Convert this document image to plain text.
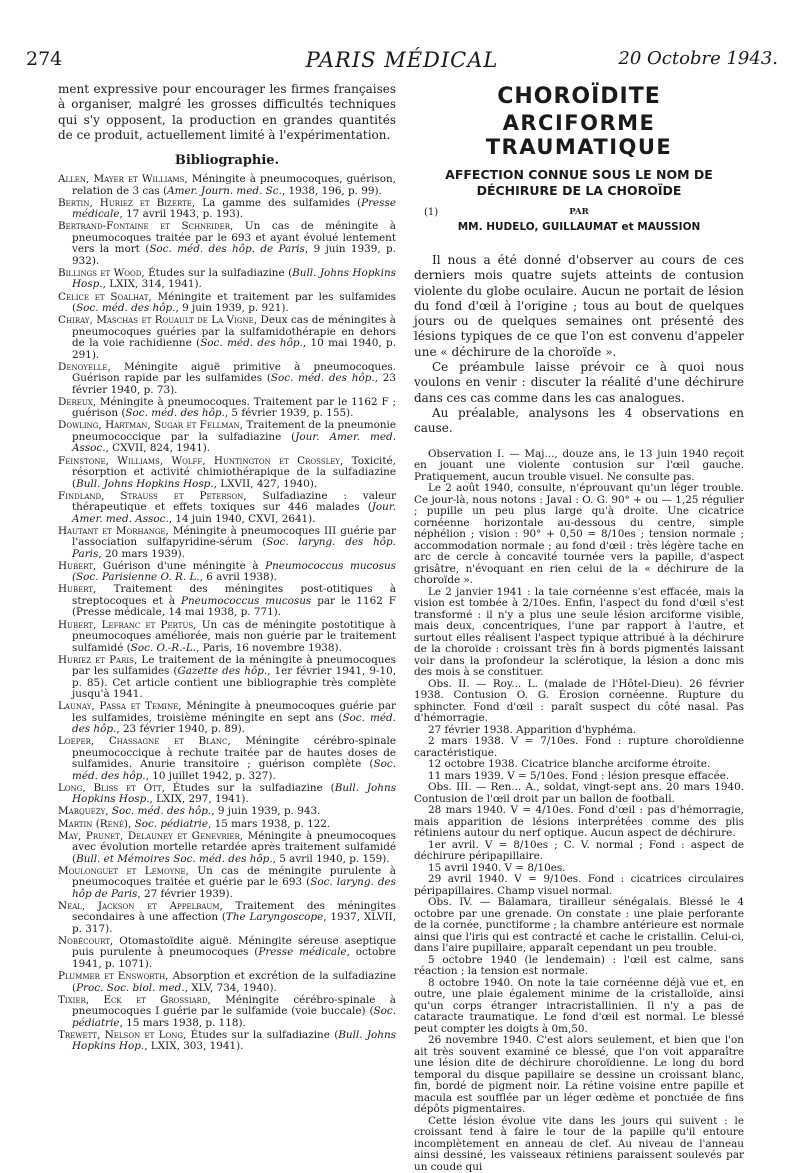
274	PARIS MÉDICAL	20 Octobre 1943.

ment expressive pour encourager les firmes françaises à organiser, malgré les grosses difficultés techniques qui s'y opposent, la production en grandes quantités de ce produit, actuellement limité à l'expérimentation.

Bibliographie.

Allen, Mayer et Williams, Méningite à pneumocoques, guérison, relation de 3 cas (Amer. Journ. med. Sc., 1938, 196, p. 99).

Bertin, Huriez et Bizerte, La gamme des sulfamides (Presse médicale, 17 avril 1943, p. 193).

Bertrand-Fontaine et Schneider, Un cas de méningite à pneumocoques traitée par le 693 et ayant évolué lentement vers la mort (Soc. méd. des hôp. de Paris, 9 juin 1939, p. 932).

Billings et Wood, Études sur la sulfadiazine (Bull. Johns Hopkins Hosp., LXIX, 314, 1941).

Celice et Soalhat, Méningite et traitement par les sulfamides (Soc. méd. des hôp., 9 juin 1939, p. 921).

Chiray, Maschas et Rouault de La Vigne, Deux cas de méningites à pneumocoques guéries par la sulfamidothérapie en dehors de la voie rachidienne (Soc. méd. des hôp., 10 mai 1940, p. 291).

Denoyelle, Méningite aiguë primitive à pneumocoques. Guérison rapide par les sulfamides (Soc. méd. des hôp., 23 février 1940, p. 73).

Dereux, Méningite à pneumocoques. Traitement par le 1162 F ; guérison (Soc. méd. des hôp., 5 février 1939, p. 155).

Dowling, Hartman, Sugar et Fellman, Traitement de la pneumonie pneumococcique par la sulfadiazine (Jour. Amer. med. Assoc., CXVII, 824, 1941).

Feinstone, Williams, Wolff, Huntington et Crossley, Toxicité, résorption et activité chimiothérapique de la sulfadiazine (Bull. Johns Hopkins Hosp., LXVII, 427, 1940).

Findland, Strauss et Peterson, Sulfadiazine : valeur thérapeutique et effets toxiques sur 446 malades (Jour. Amer. med. Assoc., 14 juin 1940, CXVI, 2641).

Hautant et Morhange, Méningite à pneumocoques III guérie par l'association sulfapyridine-sérum (Soc. laryng. des hôp. Paris, 20 mars 1939).

Hubert, Guérison d'une méningite à Pneumococcus mucosus (Soc. Parisienne O. R. L., 6 avril 1938).

Hubert, Traitement des méningites post-otitiques à streptocoques et à Pneumococcus mucosus par le 1162 F (Presse médicale, 14 mai 1938, p. 771).

Hubert, Lefranc et Pertus, Un cas de méningite postotitique à pneumocoques améliorée, mais non guérie par le traitement sulfamidé (Soc. O.-R.-L., Paris, 16 novembre 1938).

Huriez et Paris, Le traitement de la méningite à pneumocoques par les sulfamides (Gazette des hôp., 1er février 1941, 9-10, p. 85). Cet article contient une bibliographie très complète jusqu'à 1941.

Launay, Passa et Temine, Méningite à pneumocoques guérie par les sulfamides, troisième méningite en sept ans (Soc. méd. des hôp., 23 février 1940, p. 89).

Loeper, Chassagne et Blanc, Méningite cérébro-spinale pneumococcique à rechute traitée par de hautes doses de sulfamides. Anurie transitoire ; guérison complète (Soc. méd. des hôp., 10 juillet 1942, p. 327).

Long, Bliss et Ott, Études sur la sulfadiazine (Bull. Johns Hopkins Hosp., LXIX, 297, 1941).

Marquezy, Soc. méd. des hôp., 9 juin 1939, p. 943.

Martin (René), Soc. pédiatrie, 15 mars 1938, p. 122.

May, Prunet, Delauney et Genevrier, Méningite à pneumocoques avec évolution mortelle retardée après traitement sulfamidé (Bull. et Mémoires Soc. méd. des hôp., 5 avril 1940, p. 159).

Moulonguet et Lemoyne, Un cas de méningite purulente à pneumocoques traitée et guérie par le 693 (Soc. laryng. des hôp de Paris, 27 février 1939).

Neal, Jackson et Appelbaum, Traitement des méningites secondaires à une affection (The Laryngoscope, 1937, XLVII, p. 317).

Nobécourt, Otomastoïdite aiguë. Méningite séreuse aseptique puis purulente à pneumocoques (Presse médicale, octobre 1941, p. 1071).

Plummer et Ensworth, Absorption et excrétion de la sulfadiazine (Proc. Soc. biol. med., XLV, 734, 1940).

Tixier, Eck et Grossiard, Méningite cérébro-spinale à pneumocoques I guérie par le sulfamide (voie buccale) (Soc. pédiatrie, 15 mars 1938, p. 118).

Trewett, Nelson et Long, Études sur la sulfadiazine (Bull. Johns Hopkins Hop., LXIX, 303, 1941).

CHOROÏDITE
ARCIFORME TRAUMATIQUE
AFFECTION CONNUE SOUS LE NOM DE DÉCHIRURE DE LA CHOROÏDE
(1)	PAR
MM. HUDELO, GUILLAUMAT et MAUSSION

Il nous a été donné d'observer au cours de ces derniers mois quatre sujets atteints de contusion violente du globe oculaire. Aucun ne portait de lésion du fond d'œil à l'origine ; tous au bout de quelques jours ou de quelques semaines ont présenté des lésions typiques de ce que l'on est convenu d'appeler une « déchirure de la choroïde ».

Ce préambule laisse prévoir ce à quoi nous voulons en venir : discuter la réalité d'une déchirure dans ces cas comme dans les cas analogues.

Au préalable, analysons les 4 observations en cause.

Observation I. — Maj..., douze ans, le 13 juin 1940 reçoit en jouant une violente contusion sur l'œil gauche. Pratiquement, aucun trouble visuel. Ne consulte pas.

Le 2 août 1940, consulte, n'éprouvant qu'un léger trouble. Ce jour-là, nous notons : Javal : O. G. 90° + ou — 1,25 régulier ; pupille un peu plus large qu'à droite. Une cicatrice cornéenne horizontale au-dessous du centre, simple néphélion ; vision : 90° + 0,50 = 8/10es ; tension normale ; accommodation normale ; au fond d'œil : très légère tache en arc de cercle à concavité tournée vers la papille, d'aspect grisâtre, n'évoquant en rien celui de la « déchirure de la choroïde ».

Le 2 janvier 1941 : la taie cornéenne s'est effacée, mais la vision est tombée à 2/10es. Enfin, l'aspect du fond d'œil s'est transformé : il n'y a plus une seule lésion arciforme visible, mais deux, concentriques, l'une par rapport à l'autre, et surtout elles réalisent l'aspect typique attribué à la déchirure de la choroïde : croissant très fin à bords pigmentés laissant voir dans la profondeur la sclérotique, la lésion a donc mis des mois à se constituer.

Obs. II. — Roy... L. (malade de l'Hôtel-Dieu). 26 février 1938. Contusion O. G. Érosion cornéenne. Rupture du sphincter. Fond d'œil : paraît suspect du côté nasal. Pas d'hémorragie.

27 février 1938. Apparition d'hyphéma.

2 mars 1938. V = 7/10es. Fond : rupture choroïdienne caractéristique.

12 octobre 1938. Cicatrice blanche arciforme étroite.

11 mars 1939. V = 5/10es. Fond : lésion presque effacée.

Obs. III. — Ren... A., soldat, vingt-sept ans. 20 mars 1940. Contusion de l'œil droit par un ballon de football.

28 mars 1940. V = 4/10es. Fond d'œil : pas d'hémorragie, mais apparition de lésions interprétées comme des plis rétiniens autour du nerf optique. Aucun aspect de déchirure.

1er avril. V = 8/10es ; C. V. normal ; Fond : aspect de déchirure péripapillaire.

15 avril 1940. V = 8/10es.

29 avril 1940. V = 9/10es. Fond : cicatrices circulaires péripapillaires. Champ visuel normal.

Obs. IV. — Balamara, tirailleur sénégalais. Blessé le 4 octobre par une grenade. On constate : une plaie perforante de la cornée, punctiforme ; la chambre antérieure est normale ainsi que l'iris qui est contracté et cache le cristallin. Celui-ci, dans l'aire pupillaire, apparaît cependant un peu trouble.

5 octobre 1940 (le lendemain) : l'œil est calme, sans réaction ; la tension est normale.

8 octobre 1940. On note la taie cornéenne déjà vue et, en outre, une plaie également minime de la cristalloïde, ainsi qu'un corps étranger intracristallinien. Il n'y a pas de cataracte traumatique. Le fond d'œil est normal. Le blessé peut compter les doigts à 0m,50.

26 novembre 1940. C'est alors seulement, et bien que l'on ait très souvent examiné ce blessé, que l'on voit apparaître une lésion dite de déchirure choroïdienne. Le long du bord temporal du disque papillaire se dessine un croissant blanc, fin, bordé de pigment noir. La rétine voisine entre papille et macula est soufflée par un léger œdème et ponctuée de fins dépôts pigmentaires.

Cette lésion évolue vite dans les jours qui suivent : le croissant tend à faire le tour de la papille qu'il entoure incomplètement en anneau de clef. Au niveau de l'anneau ainsi dessiné, les vaisseaux rétiniens paraissent soulevés par un coude qui
